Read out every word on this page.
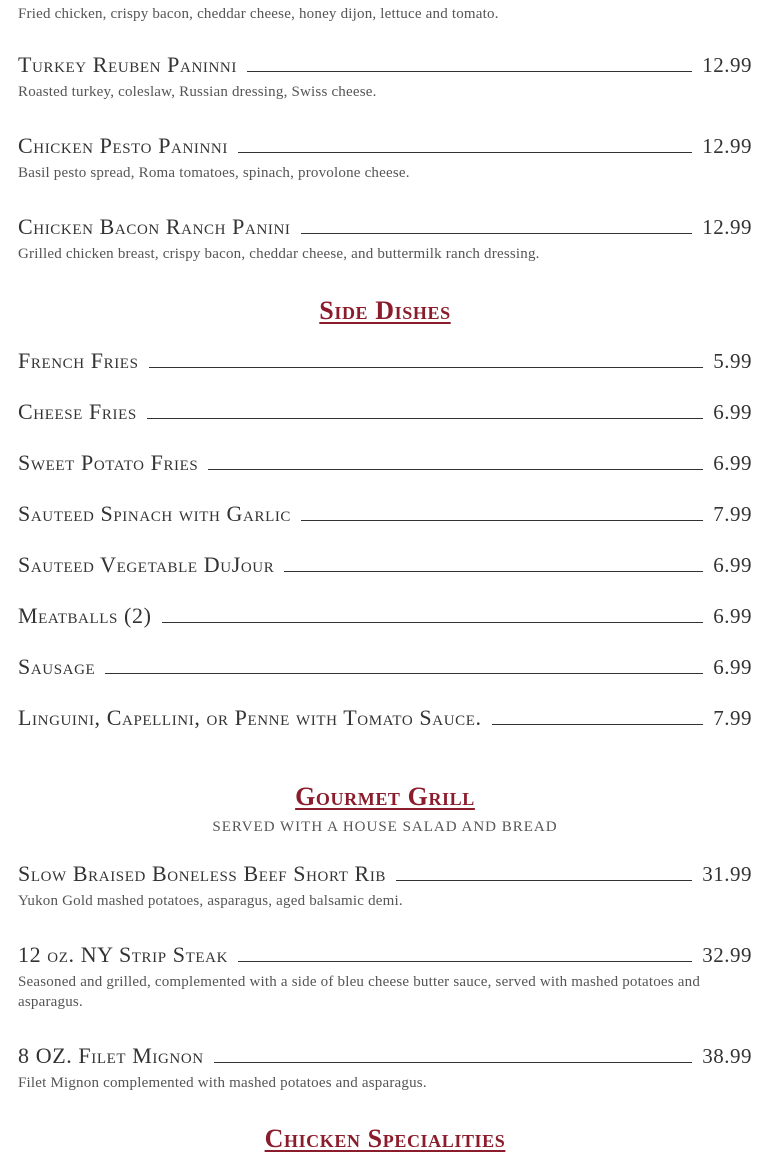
Fried chicken, crispy bacon, cheddar cheese, honey dijon, lettuce and tomato.

Turkey Reuben Paninni	12.99

Roasted turkey, coleslaw, Russian dressing, Swiss cheese.

Chicken Pesto Paninni	12.99

Basil pesto spread, Roma tomatoes, spinach, provolone cheese.

Chicken Bacon Ranch Panini	12.99

Grilled chicken breast, crispy bacon, cheddar cheese, and buttermilk ranch dressing.

Side Dishes
French Fries	5.99
Cheese Fries	6.99
Sweet Potato Fries	6.99
Sauteed Spinach with Garlic	7.99
Sauteed Vegetable DuJour	6.99
Meatballs (2)	6.99
Sausage	6.99
Linguini, Capellini, or Penne with Tomato Sauce.	7.99
Gourmet Grill

SERVED WITH A HOUSE SALAD AND BREAD

Slow Braised Boneless Beef Short Rib	31.99

Yukon Gold mashed potatoes, asparagus, aged balsamic demi.

12 oz. NY Strip Steak	32.99

Seasoned and grilled, complemented with a side of bleu cheese butter sauce, served with mashed potatoes and asparagus.

8 OZ. Filet Mignon	38.99

Filet Mignon complemented with mashed potatoes and asparagus.

Chicken Specialities
